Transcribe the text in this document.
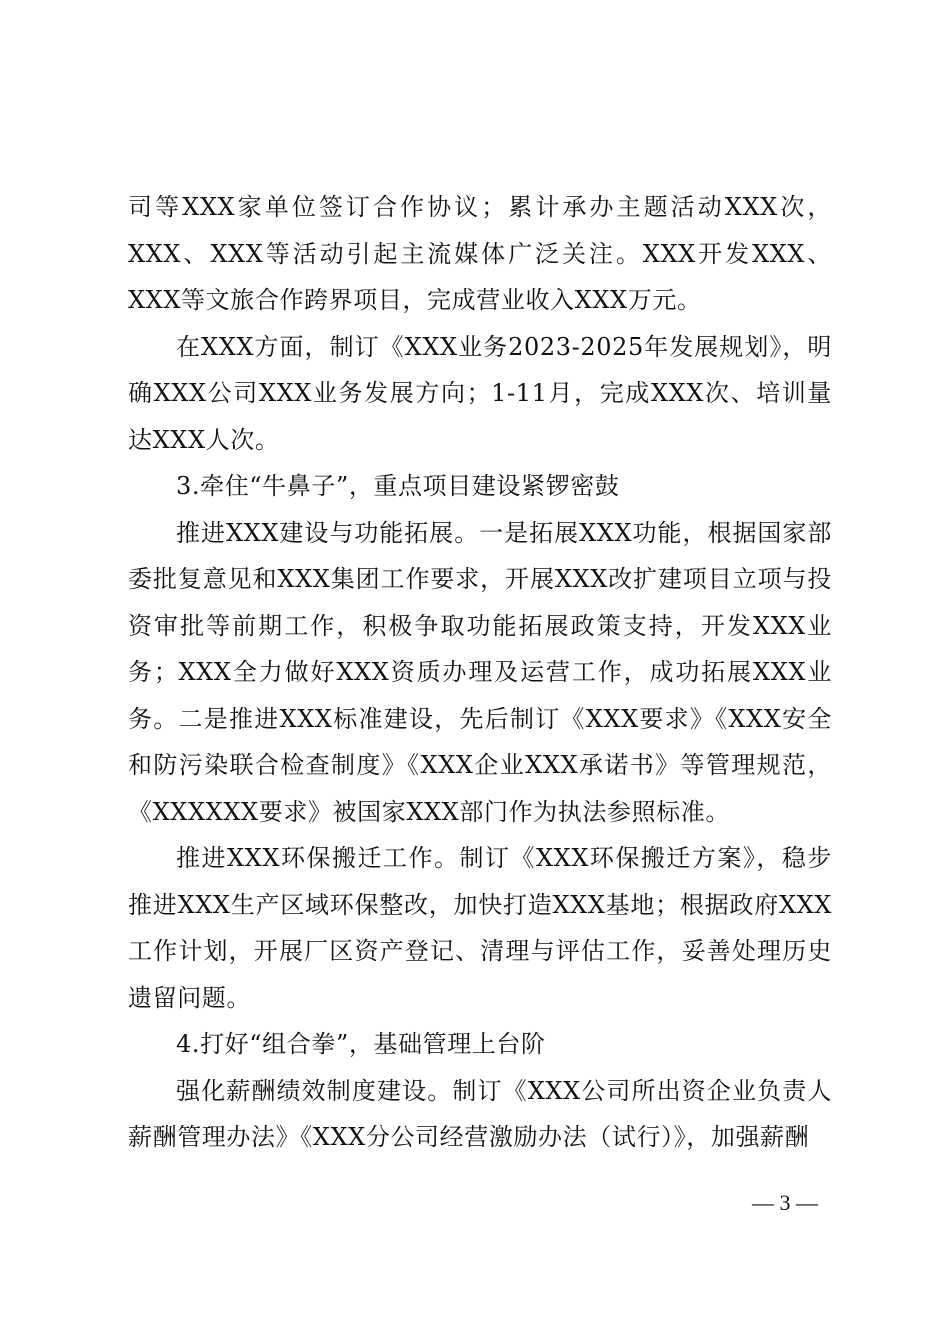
司等XXX家单位签订合作协议；累计承办主题活动XXX次，XXX、XXX等活动引起主流媒体广泛关注。XXX开发XXX、XXX等文旅合作跨界项目，完成营业收入XXX万元。

在XXX方面，制订《XXX业务2023-2025年发展规划》，明确XXX公司XXX业务发展方向；1-11月，完成XXX次、培训量达XXX人次。

3.牵住“牛鼻子”，重点项目建设紧锣密鼓

推进XXX建设与功能拓展。一是拓展XXX功能，根据国家部委批复意见和XXX集团工作要求，开展XXX改扩建项目立项与投资审批等前期工作，积极争取功能拓展政策支持，开发XXX业务；XXX全力做好XXX资质办理及运营工作，成功拓展XXX业务。二是推进XXX标准建设，先后制订《XXX要求》《XXX安全和防污染联合检查制度》《XXX企业XXX承诺书》等管理规范，《XXXXXX要求》被国家XXX部门作为执法参照标准。

推进XXX环保搬迁工作。制订《XXX环保搬迁方案》，稳步推进XXX生产区域环保整改，加快打造XXX基地；根据政府XXX工作计划，开展厂区资产登记、清理与评估工作，妥善处理历史遗留问题。

4.打好“组合拳”，基础管理上台阶

强化薪酬绩效制度建设。制订《XXX公司所出资企业负责人薪酬管理办法》《XXX分公司经营激励办法（试行）》，加强薪酬

— 3 —
